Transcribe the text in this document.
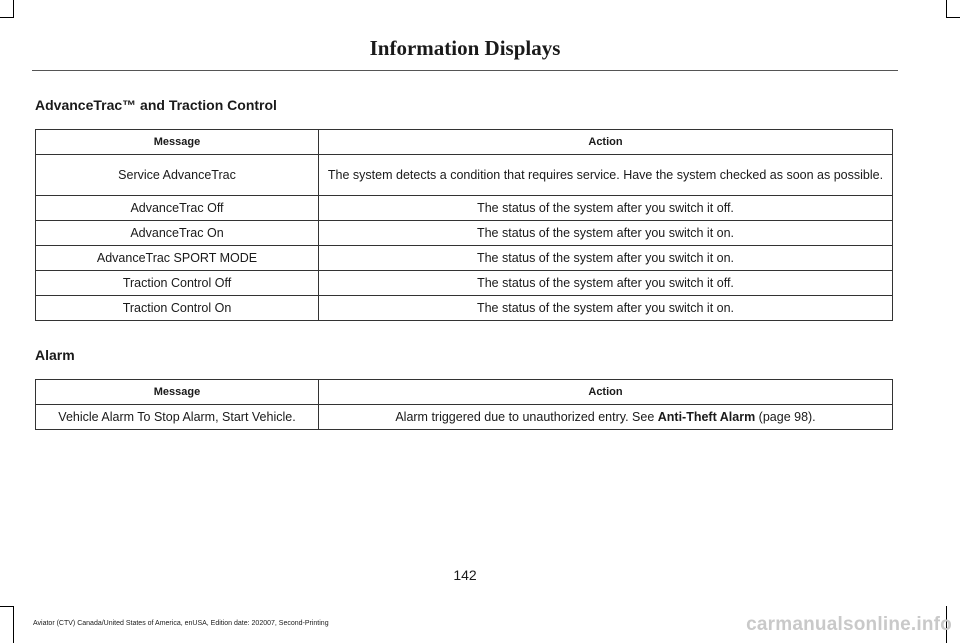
Information Displays
AdvanceTrac™ and Traction Control
Message	Action
Service AdvanceTrac	The system detects a condition that requires service. Have the system checked as soon as possible.
AdvanceTrac Off	The status of the system after you switch it off.
AdvanceTrac On	The status of the system after you switch it on.
AdvanceTrac SPORT MODE	The status of the system after you switch it on.
Traction Control Off	The status of the system after you switch it off.
Traction Control On	The status of the system after you switch it on.
Alarm
Message	Action
Vehicle Alarm To Stop Alarm, Start Vehicle.	Alarm triggered due to unauthorized entry. See Anti-Theft Alarm (page 98).
142
Aviator (CTV) Canada/United States of America, enUSA, Edition date: 202007, Second-Printing	carmanualsonline.info
